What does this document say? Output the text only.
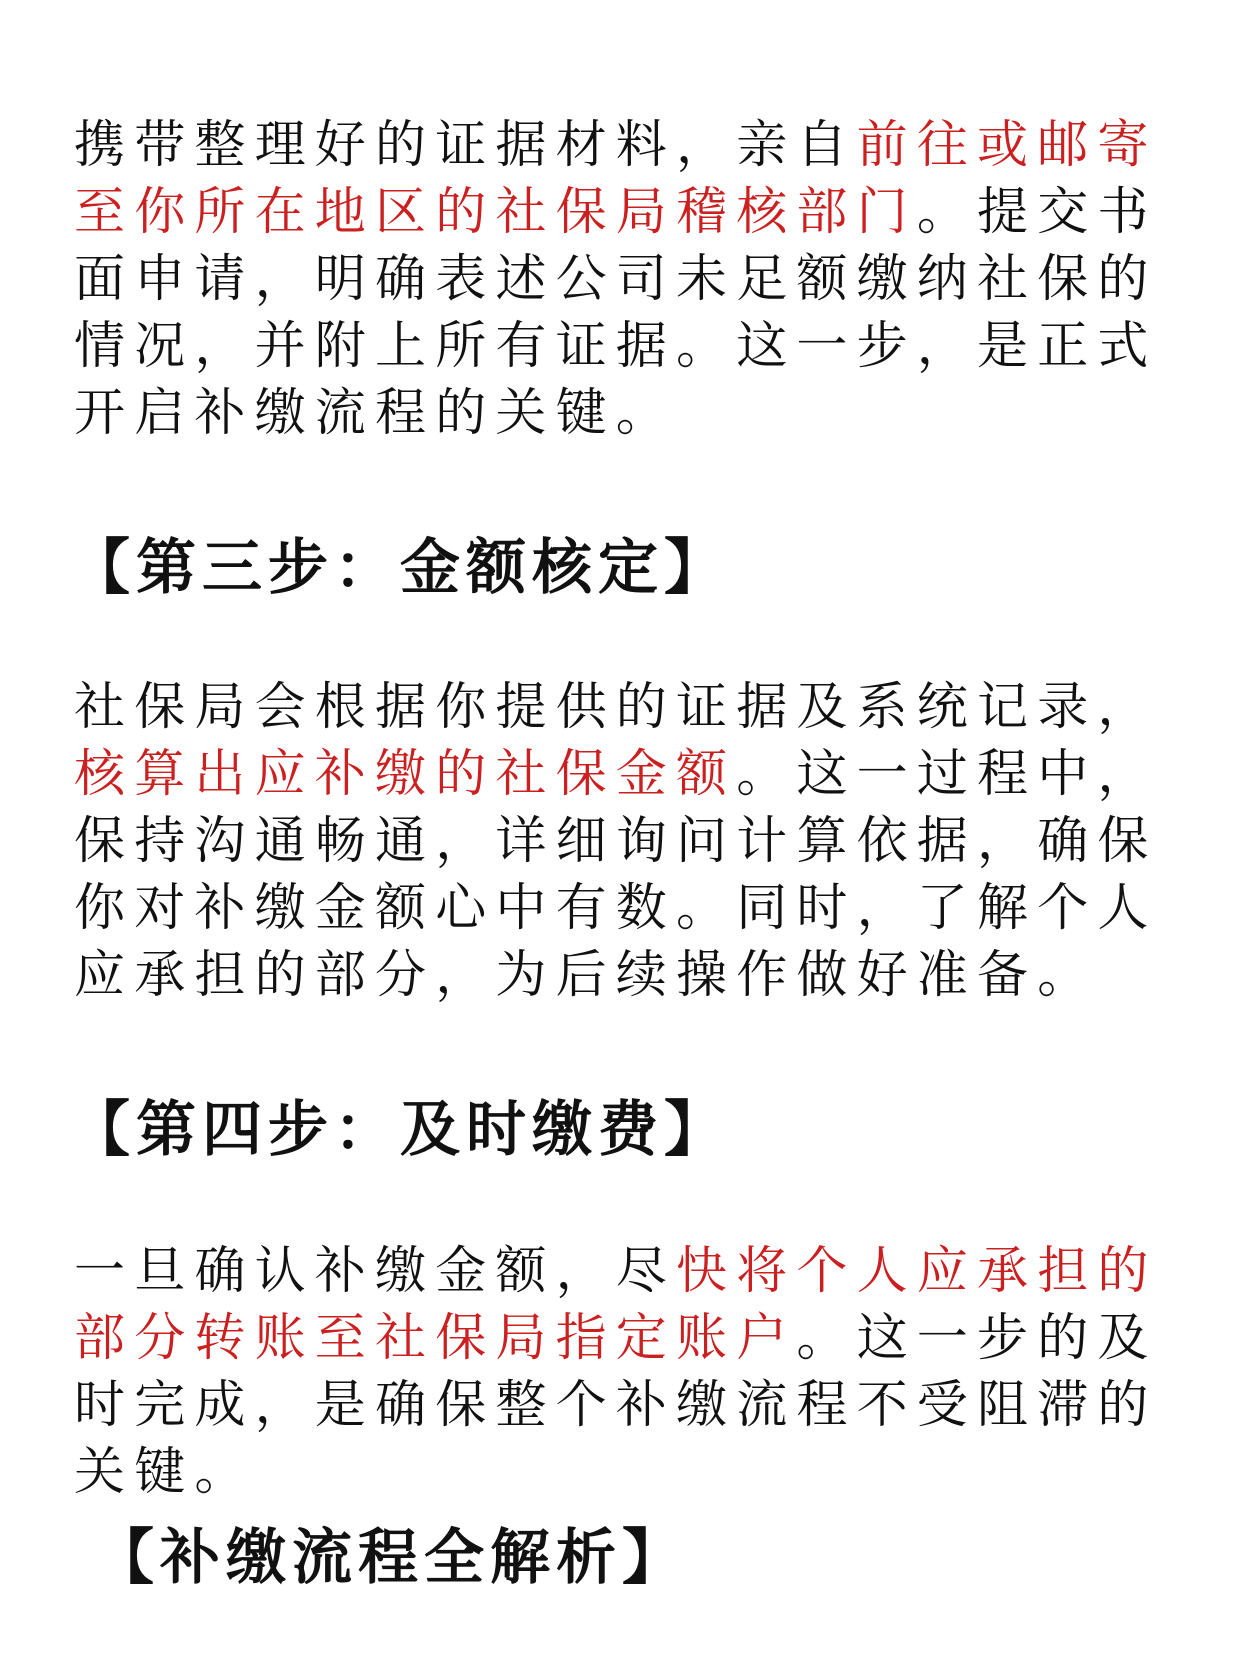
携带整理好的证据材料，亲自前往或邮寄至你所在地区的社保局稽核部门。提交书面申请，明确表述公司未足额缴纳社保的情况，并附上所有证据。这一步，是正式开启补缴流程的关键。

【第三步：金额核定】

社保局会根据你提供的证据及系统记录，核算出应补缴的社保金额。这一过程中，保持沟通畅通，详细询问计算依据，确保你对补缴金额心中有数。同时，了解个人应承担的部分，为后续操作做好准备。

【第四步：及时缴费】

一旦确认补缴金额，尽快将个人应承担的部分转账至社保局指定账户。这一步的及时完成，是确保整个补缴流程不受阻滞的关键。

【补缴流程全解析】
